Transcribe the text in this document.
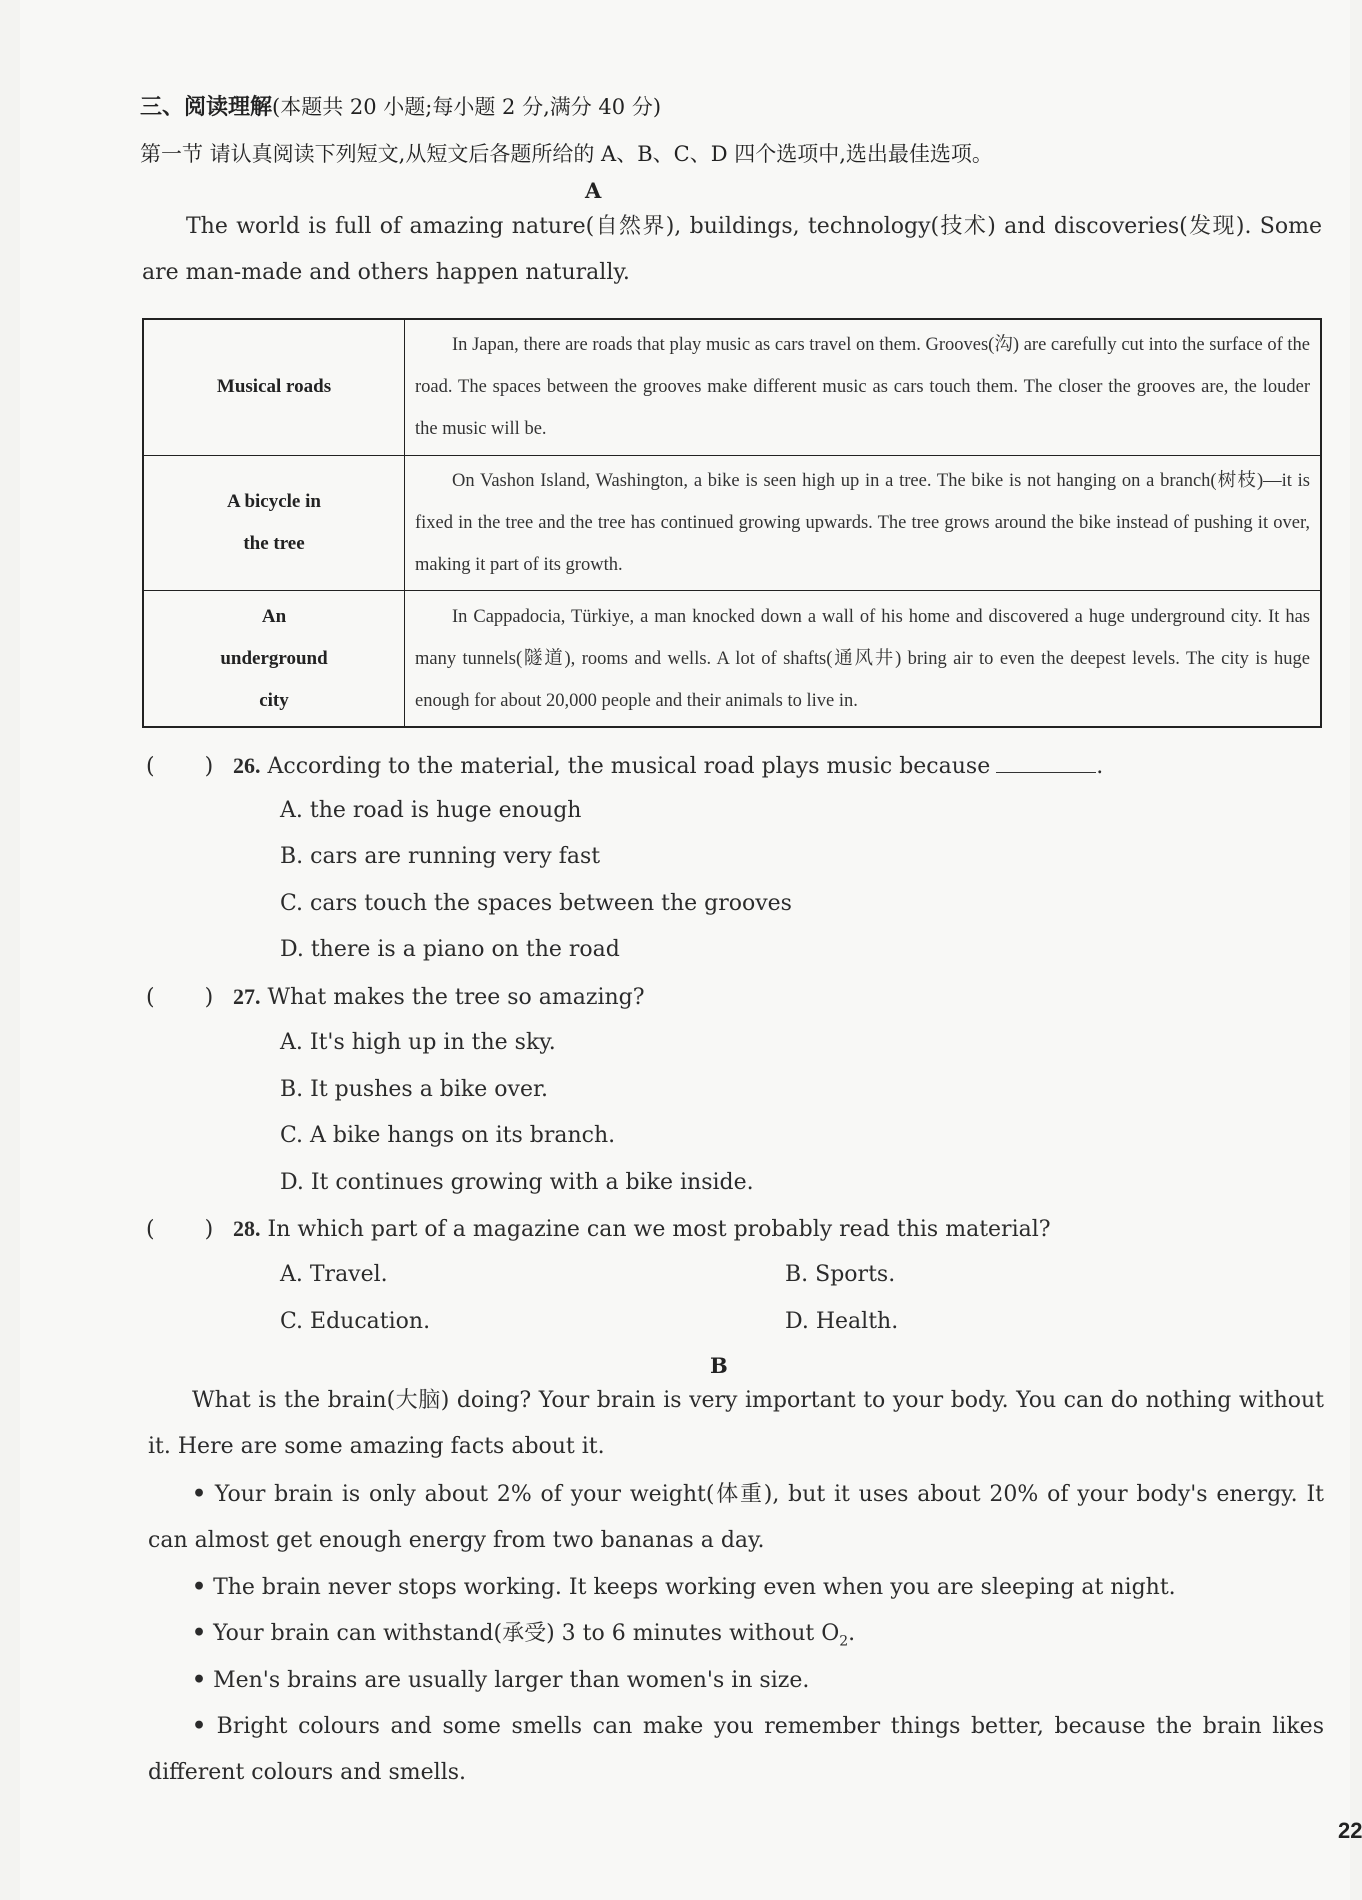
三、阅读理解(本题共 20 小题;每小题 2 分,满分 40 分)
第一节 请认真阅读下列短文,从短文后各题所给的 A、B、C、D 四个选项中,选出最佳选项。
A
The world is full of amazing nature(自然界), buildings, technology(技术) and discoveries(发现). Some are man-made and others happen naturally.
Musical roads	In Japan, there are roads that play music as cars travel on them. Grooves(沟) are carefully cut into the surface of the road. The spaces between the grooves make different music as cars touch them. The closer the grooves are, the louder the music will be.

A bicycle in the tree	On Vashon Island, Washington, a bike is seen high up in a tree. The bike is not hanging on a branch(树枝)—it is fixed in the tree and the tree has continued growing upwards. The tree grows around the bike instead of pushing it over, making it part of its growth.

An underground city	In Cappadocia, Türkiye, a man knocked down a wall of his home and discovered a huge underground city. It has many tunnels(隧道), rooms and wells. A lot of shafts(通风井) bring air to even the deepest levels. The city is huge enough for about 20,000 people and their animals to live in.
( ) 26. According to the material, the musical road plays music because	.
A. the road is huge enough
B. cars are running very fast
C. cars touch the spaces between the grooves
D. there is a piano on the road
( ) 27. What makes the tree so amazing?
A. It's high up in the sky.
B. It pushes a bike over.
C. A bike hangs on its branch.
D. It continues growing with a bike inside.
( ) 28. In which part of a magazine can we most probably read this material?
A. Travel.	B. Sports.
C. Education.	D. Health.
B
What is the brain(大脑) doing? Your brain is very important to your body. You can do nothing without it. Here are some amazing facts about it.
• Your brain is only about 2% of your weight(体重), but it uses about 20% of your body's energy. It can almost get enough energy from two bananas a day.
• The brain never stops working. It keeps working even when you are sleeping at night.
• Your brain can withstand(承受) 3 to 6 minutes without $O_2$.
• Men's brains are usually larger than women's in size.
• Bright colours and some smells can make you remember things better, because the brain likes different colours and smells.
22
